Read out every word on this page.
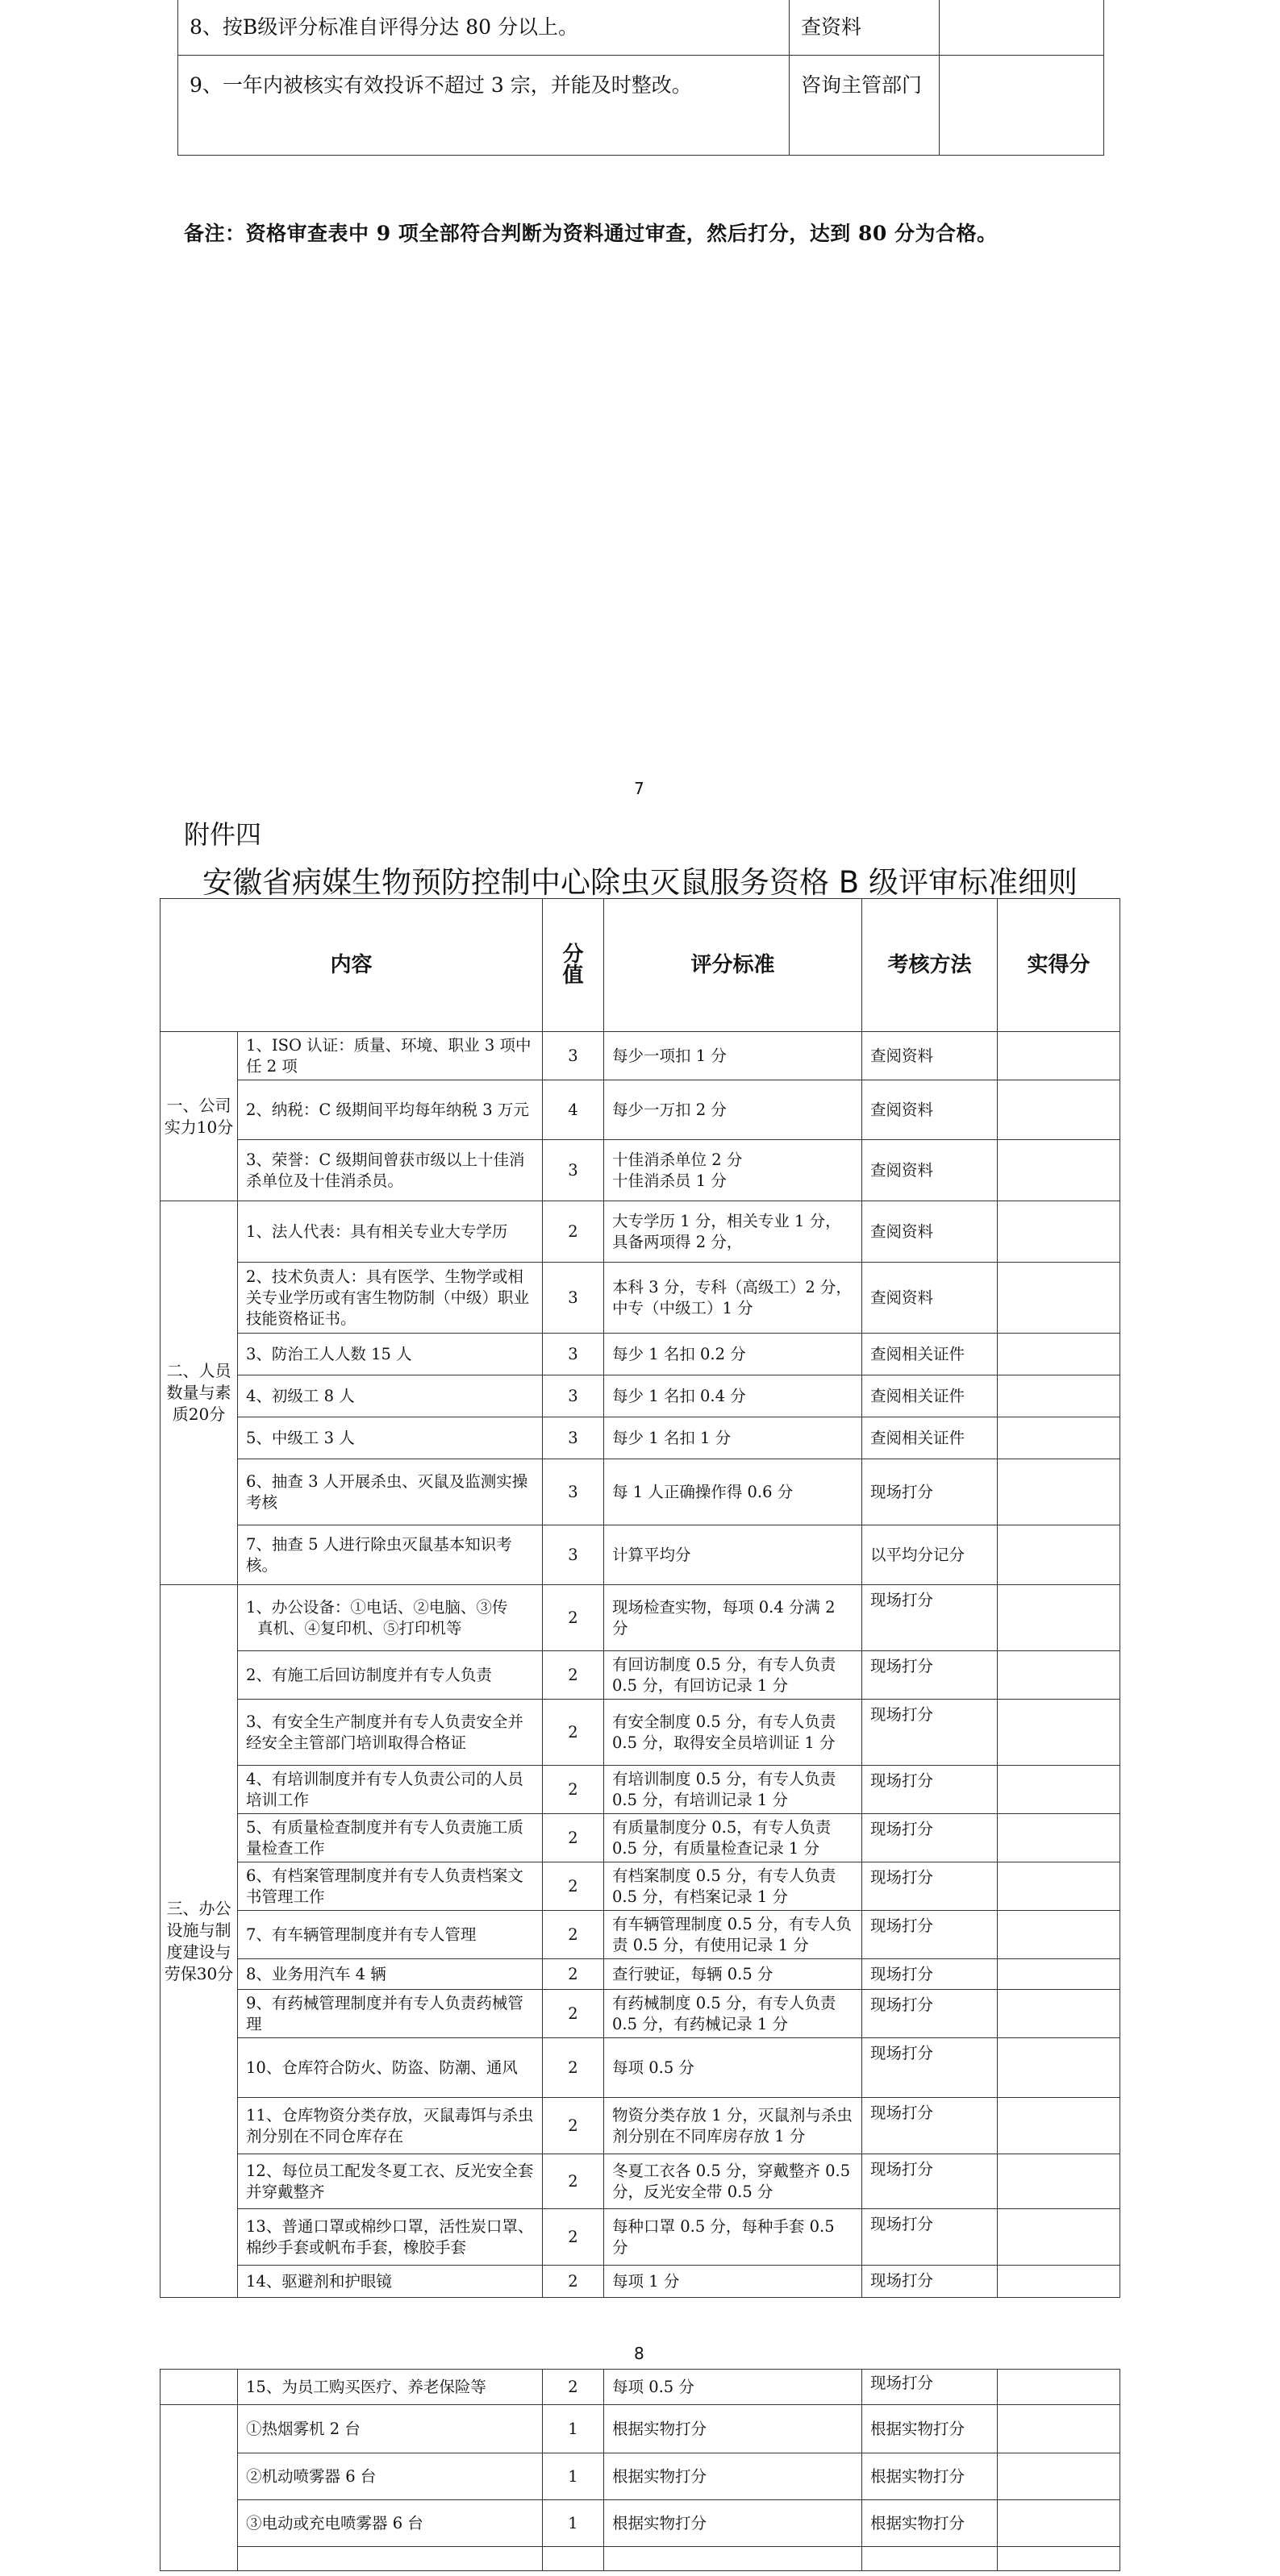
8、按B级评分标准自评得分达 80 分以上。	查资料	
9、一年内被核实有效投诉不超过 3 宗，并能及时整改。	咨询主管部门	
备注：资格审查表中 9 项全部符合判断为资料通过审查，然后打分，达到 80 分为合格。
7
附件四
安徽省病媒生物预防控制中心除虫灭鼠服务资格 B 级评审标准细则
内容		分值	评分标准	考核方法	实得分
一、公司实力10分	1、ISO 认证：质量、环境、职业 3 项中任 2 项	3	每少一项扣 1 分	查阅资料	
	2、纳税：C 级期间平均每年纳税 3 万元	4	每少一万扣 2 分	查阅资料	
	3、荣誉：C 级期间曾获市级以上十佳消杀单位及十佳消杀员。	3	十佳消杀单位 2 分
十佳消杀员 1 分	查阅资料	
二、人员数量与素质20分	1、法人代表：具有相关专业大专学历	2	大专学历 1 分，相关专业 1 分，具备两项得 2 分，	查阅资料	
	2、技术负责人：具有医学、生物学或相关专业学历或有害生物防制（中级）职业技能资格证书。	3	本科 3 分，专科（高级工）2 分，中专（中级工）1 分	查阅资料	
	3、防治工人人数 15 人	3	每少 1 名扣 0.2 分	查阅相关证件	
	4、初级工 8 人	3	每少 1 名扣 0.4 分	查阅相关证件	
	5、中级工 3 人	3	每少 1 名扣 1 分	查阅相关证件	
	6、抽查 3 人开展杀虫、灭鼠及监测实操考核	3	每 1 人正确操作得 0.6 分	现场打分	
	7、抽查 5 人进行除虫灭鼠基本知识考核。	3	计算平均分	以平均分记分	
三、办公设施与制度建设与劳保30分	1、办公设备：①电话、②电脑、③传
真机、④复印机、⑤打印机等	2	现场检查实物，每项 0.4 分满 2 分	现场打分	
	2、有施工后回访制度并有专人负责	2	有回访制度 0.5 分，有专人负责 0.5 分，有回访记录 1 分	现场打分	
	3、有安全生产制度并有专人负责安全并经安全主管部门培训取得合格证	2	有安全制度 0.5 分，有专人负责 0.5 分，取得安全员培训证 1 分	现场打分	
	4、有培训制度并有专人负责公司的人员培训工作	2	有培训制度 0.5 分，有专人负责 0.5 分，有培训记录 1 分	现场打分	
	5、有质量检查制度并有专人负责施工质量检查工作	2	有质量制度分 0.5，有专人负责 0.5 分，有质量检查记录 1 分	现场打分	
	6、有档案管理制度并有专人负责档案文书管理工作	2	有档案制度 0.5 分，有专人负责 0.5 分，有档案记录 1 分	现场打分	
	7、有车辆管理制度并有专人管理	2	有车辆管理制度 0.5 分，有专人负责 0.5 分，有使用记录 1 分	现场打分	
	8、业务用汽车 4 辆	2	查行驶证，每辆 0.5 分	现场打分	
	9、有药械管理制度并有专人负责药械管理	2	有药械制度 0.5 分，有专人负责 0.5 分，有药械记录 1 分	现场打分	
	10、仓库符合防火、防盗、防潮、通风	2	每项 0.5 分	现场打分	
	11、仓库物资分类存放，灭鼠毒饵与杀虫剂分别在不同仓库存在	2	物资分类存放 1 分，灭鼠剂与杀虫剂分别在不同库房存放 1 分	现场打分	
	12、每位员工配发冬夏工衣、反光安全套并穿戴整齐	2	冬夏工衣各 0.5 分，穿戴整齐 0.5 分，反光安全带 0.5 分	现场打分	
	13、普通口罩或棉纱口罩，活性炭口罩、棉纱手套或帆布手套，橡胶手套	2	每种口罩 0.5 分，每种手套 0.5 分	现场打分	
	14、驱避剂和护眼镜	2	每项 1 分	现场打分	
8
	15、为员工购买医疗、养老保险等	2	每项 0.5 分	现场打分	
	①热烟雾机 2 台	1	根据实物打分	根据实物打分	
	②机动喷雾器 6 台	1	根据实物打分	根据实物打分	
	③电动或充电喷雾器 6 台	1	根据实物打分	根据实物打分	
